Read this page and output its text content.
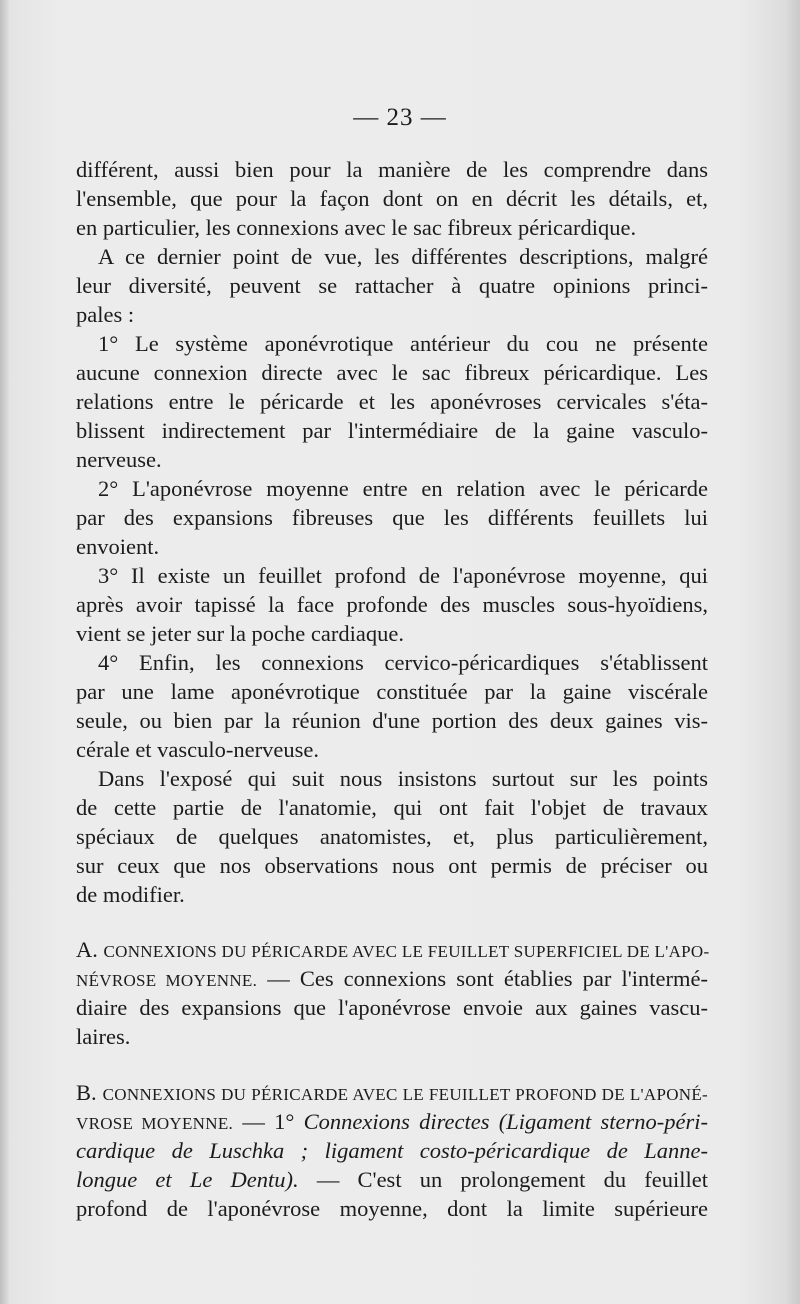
— 23 —
différent, aussi bien pour la manière de les comprendre dans
l'ensemble, que pour la façon dont on en décrit les détails, et,
en particulier, les connexions avec le sac fibreux péricardique.
A ce dernier point de vue, les différentes descriptions, malgré
leur diversité, peuvent se rattacher à quatre opinions princi-
pales :
1° Le système aponévrotique antérieur du cou ne présente
aucune connexion directe avec le sac fibreux péricardique. Les
relations entre le péricarde et les aponévroses cervicales s'éta-
blissent indirectement par l'intermédiaire de la gaine vasculo-
nerveuse.
2° L'aponévrose moyenne entre en relation avec le péricarde
par des expansions fibreuses que les différents feuillets lui
envoient.
3° Il existe un feuillet profond de l'aponévrose moyenne, qui
après avoir tapissé la face profonde des muscles sous-hyoïdiens,
vient se jeter sur la poche cardiaque.
4° Enfin, les connexions cervico-péricardiques s'établissent
par une lame aponévrotique constituée par la gaine viscérale
seule, ou bien par la réunion d'une portion des deux gaines vis-
cérale et vasculo-nerveuse.
Dans l'exposé qui suit nous insistons surtout sur les points
de cette partie de l'anatomie, qui ont fait l'objet de travaux
spéciaux de quelques anatomistes, et, plus particulièrement,
sur ceux que nos observations nous ont permis de préciser ou
de modifier.
A. CONNEXIONS DU PÉRICARDE AVEC LE FEUILLET SUPERFICIEL DE L'APO-
NÉVROSE MOYENNE. — Ces connexions sont établies par l'intermé-
diaire des expansions que l'aponévrose envoie aux gaines vascu-
laires.
B. CONNEXIONS DU PÉRICARDE AVEC LE FEUILLET PROFOND DE L'APONÉ-
VROSE MOYENNE. — 1° Connexions directes (Ligament sterno-péri-
cardique de Luschka ; ligament costo-péricardique de Lanne-
longue et Le Dentu). — C'est un prolongement du feuillet
profond de l'aponévrose moyenne, dont la limite supérieure
